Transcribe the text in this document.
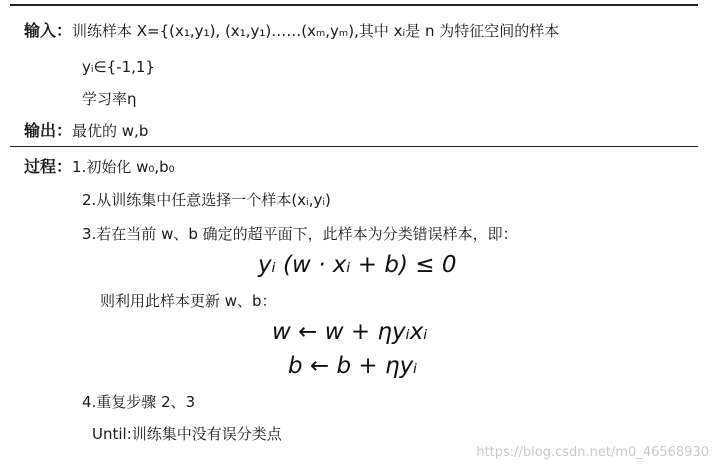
输入：训练样本 X={(x₁,y₁), (x₁,y₁)……(xₘ,yₘ),其中 xᵢ是 n 为特征空间的样本
yᵢ∈{-1,1}
学习率η
输出：最优的 w,b
过程：1.初始化 w₀,b₀
2.从训练集中任意选择一个样本(xᵢ,yᵢ)
3.若在当前 w、b 确定的超平面下，此样本为分类错误样本，即：
yᵢ (w · xᵢ + b) ≤ 0
则利用此样本更新 w、b：
w ← w + ηyᵢxᵢ
b ← b + ηyᵢ
4.重复步骤 2、3
Until:训练集中没有误分类点
https://blog.csdn.net/m0_46568930
